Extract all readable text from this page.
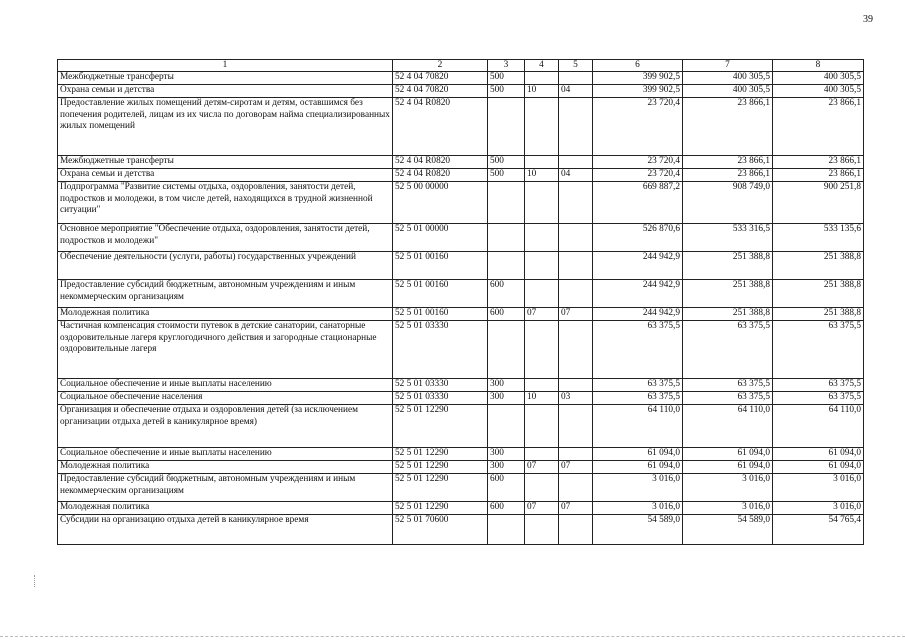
39
1	2	3	4	5	6	7	8
Межбюджетные трансферты	52 4 04 70820	500			399 902,5	400 305,5	400 305,5
Охрана семьи и детства	52 4 04 70820	500	10	04	399 902,5	400 305,5	400 305,5
Предоставление жилых помещений детям-сиротам и детям, оставшимся без попечения родителей, лицам из их числа по договорам найма специализированных жилых помещений	52 4 04 R0820				23 720,4	23 866,1	23 866,1
Межбюджетные трансферты	52 4 04 R0820	500			23 720,4	23 866,1	23 866,1
Охрана семьи и детства	52 4 04 R0820	500	10	04	23 720,4	23 866,1	23 866,1
Подпрограмма "Развитие системы отдыха, оздоровления, занятости детей, подростков и молодежи, в том числе детей, находящихся в трудной жизненной ситуации"	52 5 00 00000				669 887,2	908 749,0	900 251,8
Основное мероприятие "Обеспечение отдыха, оздоровления, занятости детей, подростков и молодежи"	52 5 01 00000				526 870,6	533 316,5	533 135,6
Обеспечение деятельности (услуги, работы) государственных учреждений	52 5 01 00160				244 942,9	251 388,8	251 388,8
Предоставление субсидий бюджетным, автономным учреждениям и иным некоммерческим организациям	52 5 01 00160	600			244 942,9	251 388,8	251 388,8
Молодежная политика	52 5 01 00160	600	07	07	244 942,9	251 388,8	251 388,8
Частичная компенсация стоимости путевок в детские санатории, санаторные оздоровительные лагеря круглогодичного действия и загородные стационарные оздоровительные лагеря	52 5 01 03330				63 375,5	63 375,5	63 375,5
Социальное обеспечение и иные выплаты населению	52 5 01 03330	300			63 375,5	63 375,5	63 375,5
Социальное обеспечение населения	52 5 01 03330	300	10	03	63 375,5	63 375,5	63 375,5
Организация и обеспечение отдыха и оздоровления детей (за исключением организации отдыха детей в каникулярное время)	52 5 01 12290				64 110,0	64 110,0	64 110,0
Социальное обеспечение и иные выплаты населению	52 5 01 12290	300			61 094,0	61 094,0	61 094,0
Молодежная политика	52 5 01 12290	300	07	07	61 094,0	61 094,0	61 094,0
Предоставление субсидий бюджетным, автономным учреждениям и иным некоммерческим организациям	52 5 01 12290	600			3 016,0	3 016,0	3 016,0
Молодежная политика	52 5 01 12290	600	07	07	3 016,0	3 016,0	3 016,0
Субсидии на организацию отдыха детей в каникулярное время	52 5 01 70600				54 589,0	54 589,0	54 765,4
